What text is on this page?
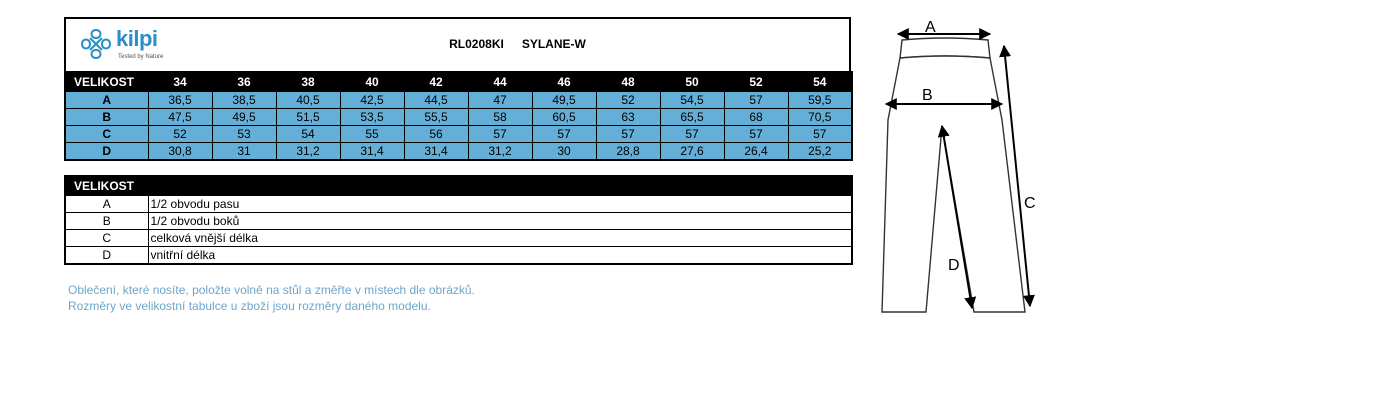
kilpi
Tested by Nature
RL0208KI SYLANE-W
VELIKOST	34	36	38	40	42	44	46	48	50	52	54
A	36,5	38,5	40,5	42,5	44,5	47	49,5	52	54,5	57	59,5
B	47,5	49,5	51,5	53,5	55,5	58	60,5	63	65,5	68	70,5
C	52	53	54	55	56	57	57	57	57	57	57
D	30,8	31	31,2	31,4	31,4	31,2	30	28,8	27,6	26,4	25,2
VELIKOST	
A	1/2 obvodu pasu
B	1/2 obvodu boků
C	celková vnější délka
D	vnitřní délka
Oblečení, které nosíte, položte volně na stůl a změřte v místech dle obrázků.
Rozměry ve velikostní tabulce u zboží jsou rozměry daného modelu.
A
B
C
D
